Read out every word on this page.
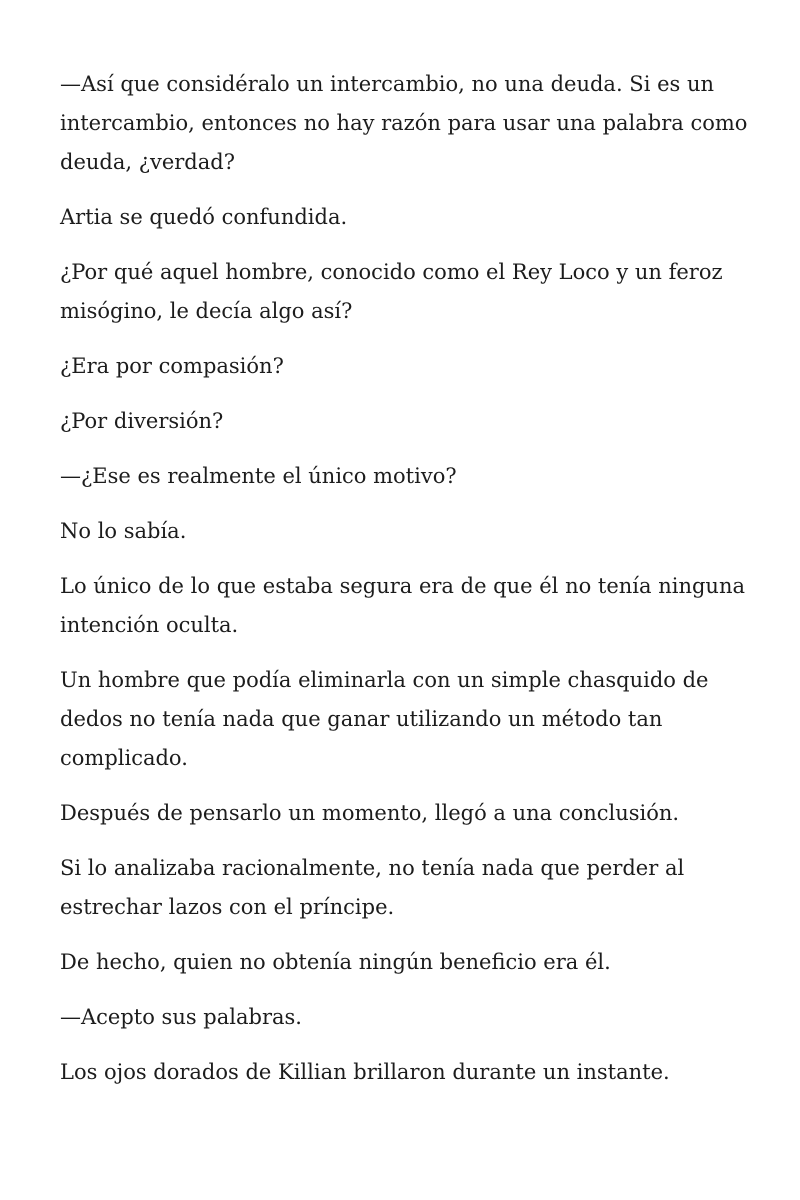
—Así que considéralo un intercambio, no una deuda. Si es un intercambio, entonces no hay razón para usar una palabra como deuda, ¿verdad?

Artia se quedó confundida.

¿Por qué aquel hombre, conocido como el Rey Loco y un feroz misógino, le decía algo así?

¿Era por compasión?

¿Por diversión?

—¿Ese es realmente el único motivo?

No lo sabía.

Lo único de lo que estaba segura era de que él no tenía ninguna intención oculta.

Un hombre que podía eliminarla con un simple chasquido de dedos no tenía nada que ganar utilizando un método tan complicado.

Después de pensarlo un momento, llegó a una conclusión.

Si lo analizaba racionalmente, no tenía nada que perder al estrechar lazos con el príncipe.

De hecho, quien no obtenía ningún beneficio era él.

—Acepto sus palabras.

Los ojos dorados de Killian brillaron durante un instante.
